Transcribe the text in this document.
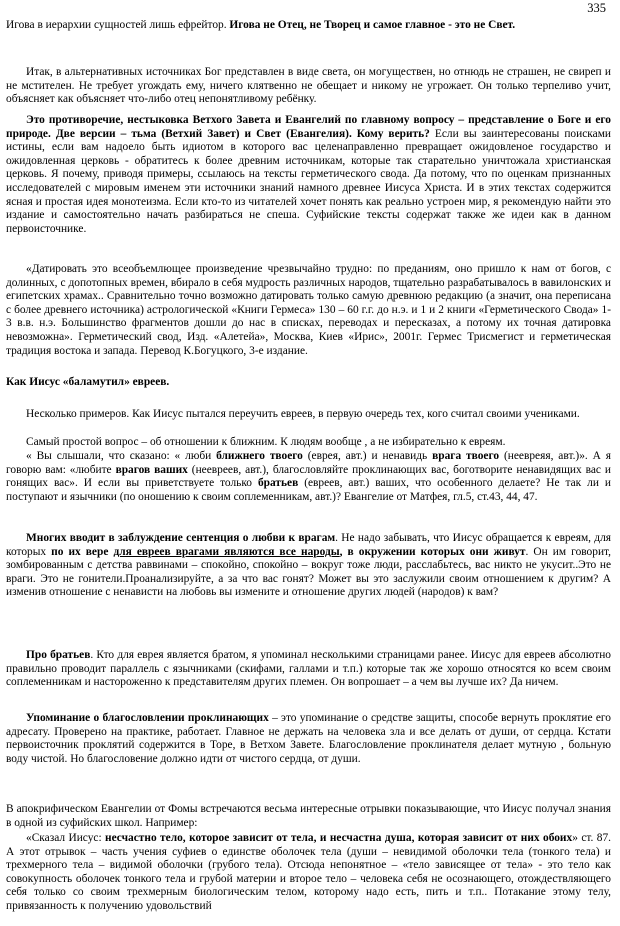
335

Игова в иерархии сущностей лишь ефрейтор. Игова не Отец, не Творец и самое главное - это не Свет.

Итак, в альтернативных источниках Бог представлен в виде света, он могуществен, но отнюдь не страшен, не свиреп и не мстителен. Не требует угождать ему, ничего клятвенно не обещает и никому не угрожает. Он только терпеливо учит, объясняет как объясняет что-либо отец непонятливому ребёнку.

Это противоречие, нестыковка Ветхого Завета и Евангелий по главному вопросу – представление о Боге и его природе. Две версии – тьма (Ветхий Завет) и Свет (Евангелия). Кому верить? Если вы заинтересованы поисками истины, если вам надоело быть идиотом в которого вас целенаправленно превращает ожидовленое государство и ожидовленная церковь - обратитесь к более древним источникам, которые так старательно уничтожала христианская церковь. Я почему, приводя примеры, ссылаюсь на тексты герметического свода. Да потому, что по оценкам признанных исследователей с мировым именем эти источники знаний намного древнее Иисуса Христа. И в этих текстах содержится ясная и простая идея монотеизма. Если кто-то из читателей хочет понять как реально устроен мир, я рекомендую найти это издание и самостоятельно начать разбираться не спеша. Суфийские тексты содержат также же идеи как в данном первоисточнике.

«Датировать это всеобъемлющее произведение чрезвычайно трудно: по преданиям, оно пришло к нам от богов, с долинных, с допотопных времен, вбирало в себя мудрость различных народов, тщательно разрабатывалось в вавилонских и египетских храмах.. Сравнительно точно возможно датировать только самую древнюю редакцию (а значит, она переписана с более древнего источника) астрологической «Книги Гермеса» 130 – 60 г.г. до н.э. и 1 и 2 книги «Герметического Свода» 1-3 в.в. н.э. Большинство фрагментов дошли до нас в списках, переводах и пересказах, а потому их точная датировка невозможна». Герметический свод, Изд. «Алетейа», Москва, Киев «Ирис», 2001г. Гермес Трисмегист и герметическая традиция востока и запада. Перевод К.Богуцкого, 3-е издание.

Как Иисус «баламутил» евреев.

Несколько примеров. Как Иисус пытался переучить евреев, в первую очередь тех, кого считал своими учениками.

Самый простой вопрос – об отношении к ближним. К людям вообще , а не избирательно к евреям.

« Вы слышали, что сказано: « люби ближнего твоего (еврея, авт.) и ненавидь врага твоего (неевреяя, авт.)». А я говорю вам: «любите врагов ваших (неевреев, авт.), благословляйте проклинающих вас, боготворите ненавидящих вас и гонящих вас». И если вы приветствуете только братьев (евреев, авт.) ваших, что особенного делаете? Не так ли и поступают и язычники (по оношению к своим соплеменникам, авт.)? Евангелие от Матфея, гл.5, ст.43, 44, 47.

Многих вводит в заблуждение сентенция о любви к врагам. Не надо забывать, что Иисус обращается к евреям, для которых по их вере для евреев врагами являются все народы, в окружении которых они живут. Он им говорит, зомбированным с детства раввинами – спокойно, спокойно – вокруг тоже люди, расслабьтесь, вас никто не укусит..Это не враги. Это не гонители.Проанализируйте, а за что вас гонят? Может вы это заслужили своим отношением к другим? А изменив отношение с ненависти на любовь вы измените и отношение других людей (народов) к вам?

Про братьев. Кто для еврея является братом, я упоминал несколькими страницами ранее. Иисус для евреев абсолютно правильно проводит параллель с язычниками (скифами, галлами и т.п.) которые так же хорошо относятся ко всем своим соплеменникам и настороженно к представителям других племен. Он вопрошает – а чем вы лучше их? Да ничем.

Упоминание о благословлении проклинающих – это упоминание о средстве защиты, способе вернуть проклятие его адресату. Проверено на практике, работает. Главное не держать на человека зла и все делать от души, от сердца. Кстати первоисточник проклятий содержится в Торе, в Ветхом Завете. Благословление проклинателя делает мутную , больную воду чистой. Но благословение должно идти от чистого сердца, от души.

В апокрифическом Евангелии от Фомы встречаются весьма интересные отрывки показывающие, что Иисус получал знания в одной из суфийских школ. Например:

«Сказал Иисус: несчастно тело, которое зависит от тела, и несчастна душа, которая зависит от них обоих» ст. 87. А этот отрывок – часть учения суфиев о единстве оболочек тела (души – невидимой оболочки тела (тонкого тела) и трехмерного тела – видимой оболочки (грубого тела). Отсюда непонятное – «тело зависящее от тела» - это тело как совокупность оболочек тонкого тела и грубой материи и второе тело – человека себя не осознающего, отождествляющего себя только со своим трехмерным биологическим телом, которому надо есть, пить и т.п.. Потакание этому телу, привязанность к получению удовольствий
